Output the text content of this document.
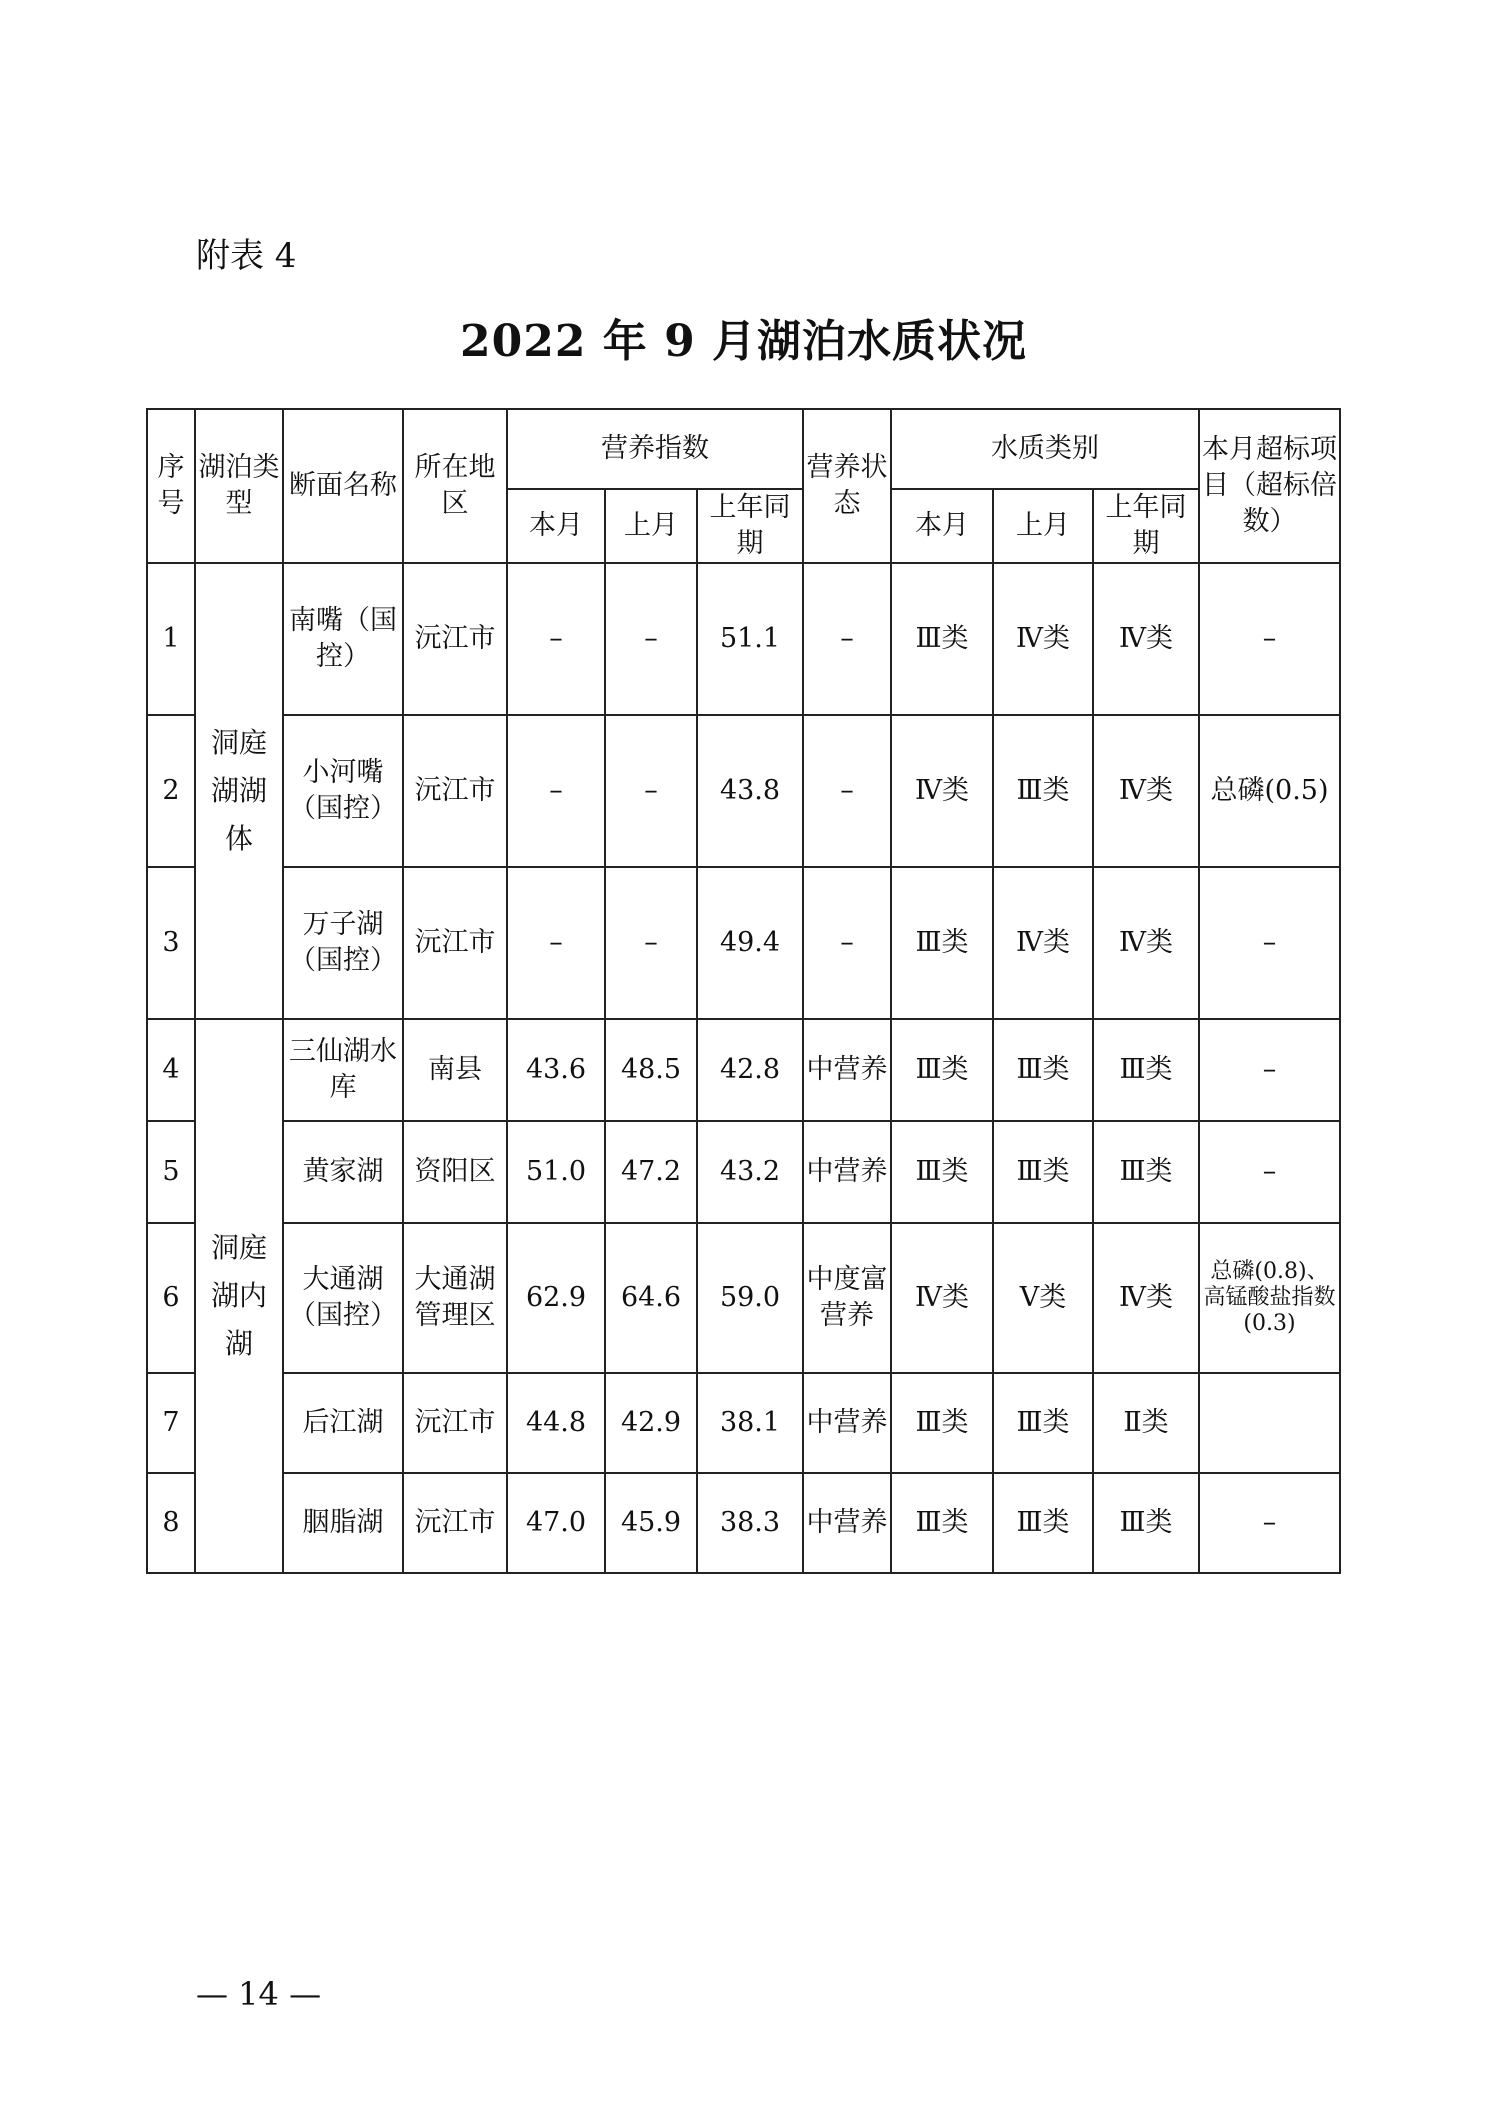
附表 4
2022 年 9 月湖泊水质状况
序号	湖泊类型	断面名称	所在地区	营养指数			营养状态	水质类别			本月超标项目（超标倍数）
				本月	上月	上年同期		本月	上月	上年同期	
1	洞庭湖湖体	南嘴（国控）	沅江市	–	–	51.1	–	Ⅲ类	Ⅳ类	Ⅳ类	–
2		小河嘴（国控）	沅江市	–	–	43.8	–	Ⅳ类	Ⅲ类	Ⅳ类	总磷(0.5)
3		万子湖（国控）	沅江市	–	–	49.4	–	Ⅲ类	Ⅳ类	Ⅳ类	–
4	洞庭湖内湖	三仙湖水库	南县	43.6	48.5	42.8	中营养	Ⅲ类	Ⅲ类	Ⅲ类	–
5		黄家湖	资阳区	51.0	47.2	43.2	中营养	Ⅲ类	Ⅲ类	Ⅲ类	–
6		大通湖（国控）	大通湖管理区	62.9	64.6	59.0	中度富营养	Ⅳ类	Ⅴ类	Ⅳ类	总磷(0.8)、高锰酸盐指数(0.3)
7		后江湖	沅江市	44.8	42.9	38.1	中营养	Ⅲ类	Ⅲ类	Ⅱ类	
8		胭脂湖	沅江市	47.0	45.9	38.3	中营养	Ⅲ类	Ⅲ类	Ⅲ类	–
— 14 —
